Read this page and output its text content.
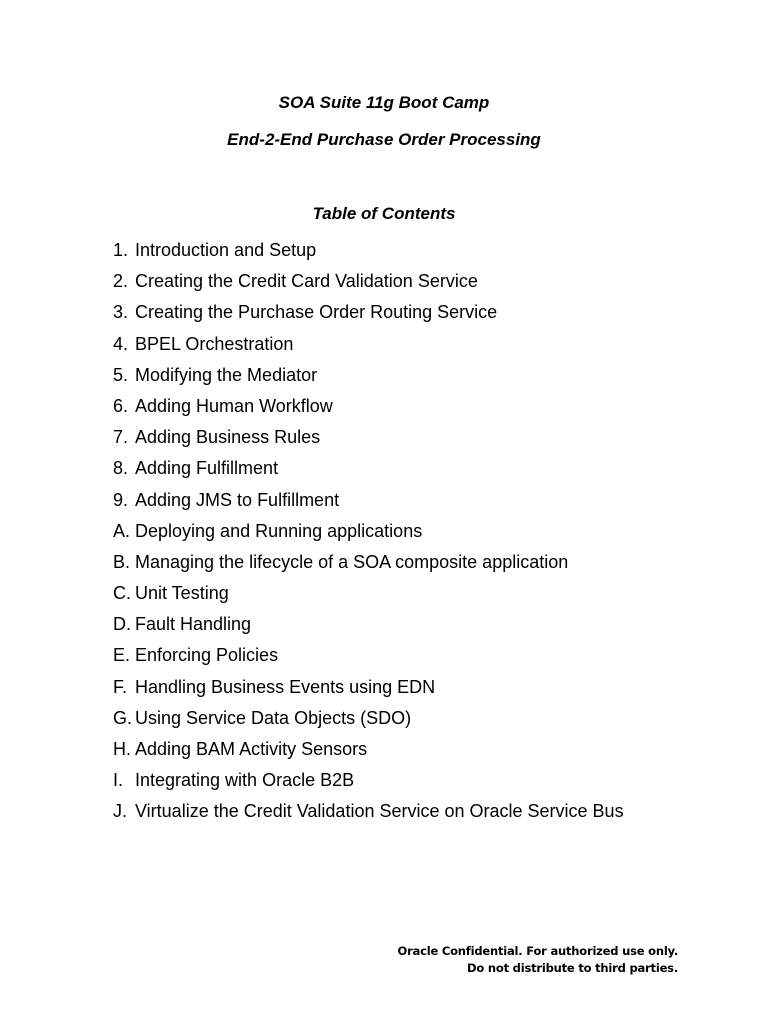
SOA Suite 11g Boot Camp
End-2-End Purchase Order Processing
Table of Contents
1. Introduction and Setup
2. Creating the Credit Card Validation Service
3. Creating the Purchase Order Routing Service
4. BPEL Orchestration
5. Modifying the Mediator
6. Adding Human Workflow
7. Adding Business Rules
8. Adding Fulfillment
9. Adding JMS to Fulfillment
A. Deploying and Running applications
B. Managing the lifecycle of a SOA composite application
C. Unit Testing
D. Fault Handling
E. Enforcing Policies
F. Handling Business Events using EDN
G. Using Service Data Objects (SDO)
H. Adding BAM Activity Sensors
I. Integrating with Oracle B2B
J. Virtualize the Credit Validation Service on Oracle Service Bus
Oracle Confidential. For authorized use only.
Do not distribute to third parties.
